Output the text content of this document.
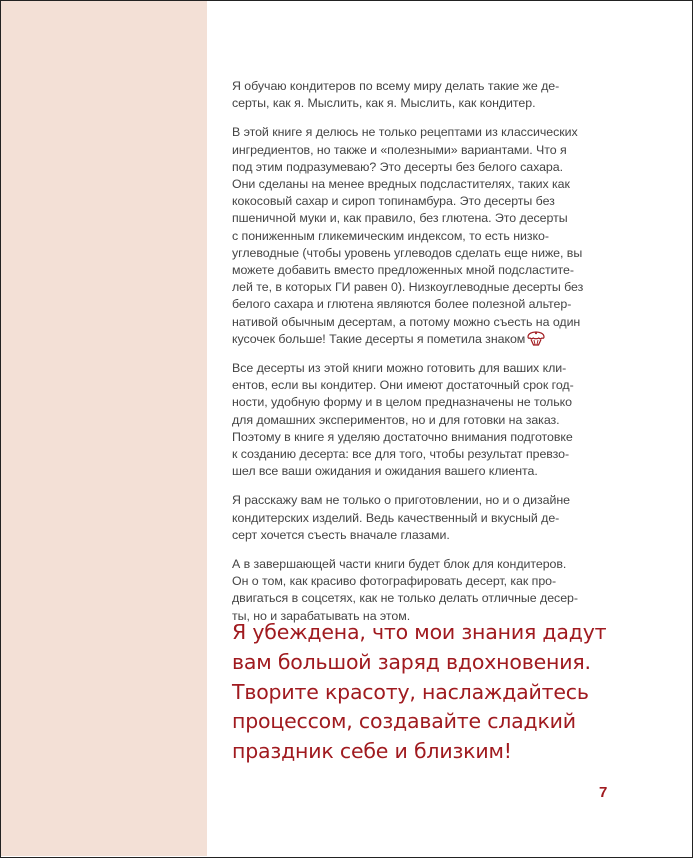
Я обучаю кондитеров по всему миру делать такие же де-
серты, как я. Мыслить, как я. Мыслить, как кондитер.

В этой книге я делюсь не только рецептами из классических
ингредиентов, но также и «полезными» вариантами. Что я
под этим подразумеваю? Это десерты без белого сахара.
Они сделаны на менее вредных подсластителях, таких как
кокосовый сахар и сироп топинамбура. Это десерты без
пшеничной муки и, как правило, без глютена. Это десерты
с пониженным гликемическим индексом, то есть низко-
углеводные (чтобы уровень углеводов сделать еще ниже, вы
можете добавить вместо предложенных мной подсластите-
лей те, в которых ГИ равен 0). Низкоуглеводные десерты без
белого сахара и глютена являются более полезной альтер-
нативой обычным десертам, а потому можно съесть на один
кусочек больше! Такие десерты я пометила знаком

Все десерты из этой книги можно готовить для ваших кли-
ентов, если вы кондитер. Они имеют достаточный срок год-
ности, удобную форму и в целом предназначены не только
для домашних экспериментов, но и для готовки на заказ.
Поэтому в книге я уделяю достаточно внимания подготовке
к созданию десерта: все для того, чтобы результат превзо-
шел все ваши ожидания и ожидания вашего клиента.

Я расскажу вам не только о приготовлении, но и о дизайне
кондитерских изделий. Ведь качественный и вкусный де-
серт хочется съесть вначале глазами.

А в завершающей части книги будет блок для кондитеров.
Он о том, как красиво фотографировать десерт, как про-
двигаться в соцсетях, как не только делать отличные десер-
ты, но и зарабатывать на этом.

Я убеждена, что мои знания дадут
вам большой заряд вдохновения.
Творите красоту, наслаждайтесь
процессом, создавайте сладкий
праздник себе и близким!
7
